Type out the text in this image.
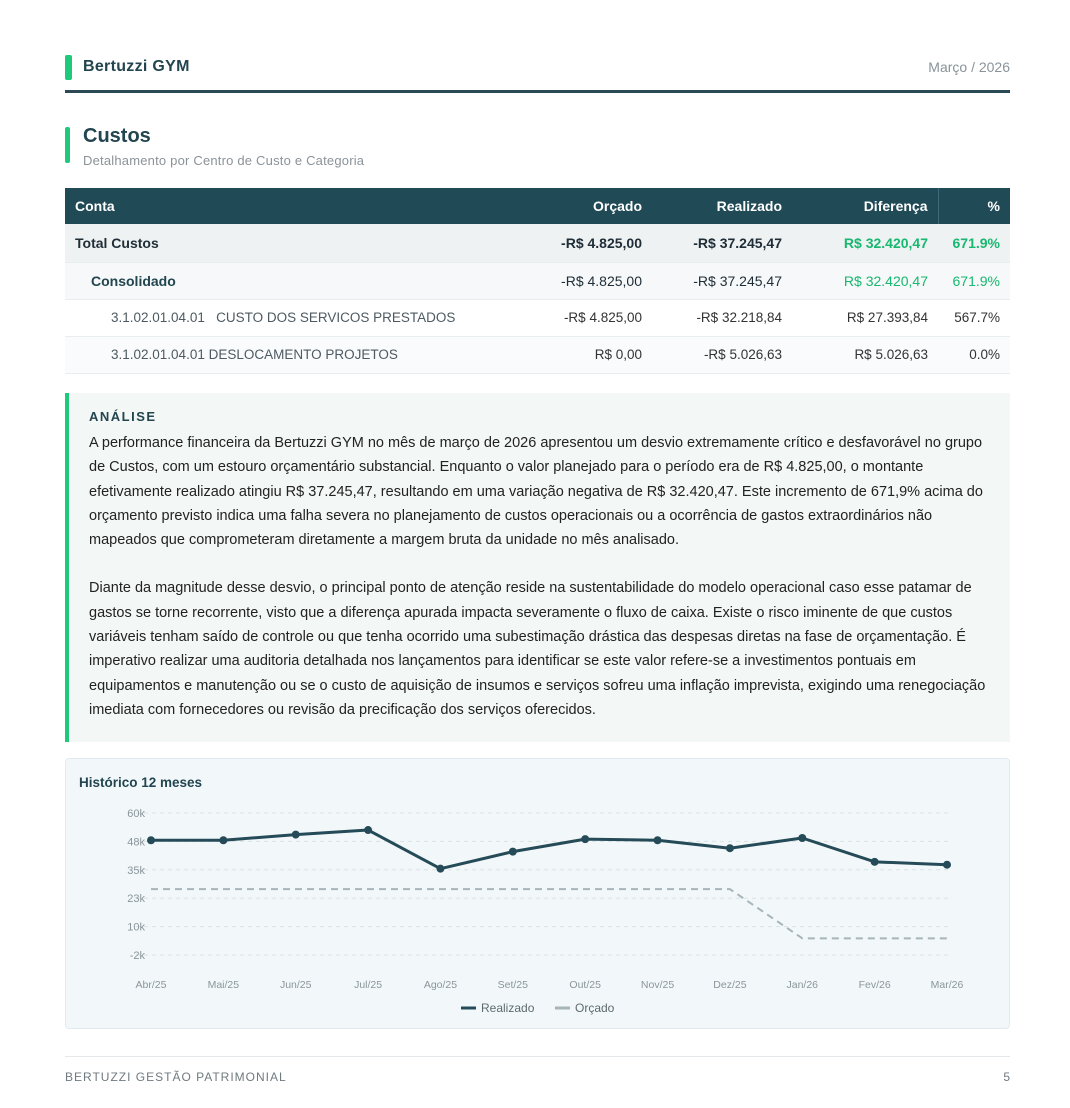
Bertuzzi GYM	Março / 2026
Custos
Detalhamento por Centro de Custo e Categoria
Conta	Orçado	Realizado	Diferença	%
Total Custos	-R$ 4.825,00	-R$ 37.245,47	R$ 32.420,47	671.9%
Consolidado	-R$ 4.825,00	-R$ 37.245,47	R$ 32.420,47	671.9%
3.1.02.01.04.01   CUSTO DOS SERVICOS PRESTADOS	-R$ 4.825,00	-R$ 32.218,84	R$ 27.393,84	567.7%
3.1.02.01.04.01 DESLOCAMENTO PROJETOS	R$ 0,00	-R$ 5.026,63	R$ 5.026,63	0.0%
ANÁLISE

A performance financeira da Bertuzzi GYM no mês de março de 2026 apresentou um desvio extremamente crítico e desfavorável no grupo de Custos, com um estouro orçamentário substancial. Enquanto o valor planejado para o período era de R$ 4.825,00, o montante efetivamente realizado atingiu R$ 37.245,47, resultando em uma variação negativa de R$ 32.420,47. Este incremento de 671,9% acima do orçamento previsto indica uma falha severa no planejamento de custos operacionais ou a ocorrência de gastos extraordinários não mapeados que comprometeram diretamente a margem bruta da unidade no mês analisado.

Diante da magnitude desse desvio, o principal ponto de atenção reside na sustentabilidade do modelo operacional caso esse patamar de gastos se torne recorrente, visto que a diferença apurada impacta severamente o fluxo de caixa. Existe o risco iminente de que custos variáveis tenham saído de controle ou que tenha ocorrido uma subestimação drástica das despesas diretas na fase de orçamentação. É imperativo realizar uma auditoria detalhada nos lançamentos para identificar se este valor refere-se a investimentos pontuais em equipamentos e manutenção ou se o custo de aquisição de insumos e serviços sofreu uma inflação imprevista, exigindo uma renegociação imediata com fornecedores ou revisão da precificação dos serviços oferecidos.

Histórico 12 meses
60k
48k
35k
23k
10k
-2k
Abr/25	Mai/25	Jun/25	Jul/25	Ago/25	Set/25	Out/25	Nov/25	Dez/25	Jan/26	Fev/26	Mar/26
Realizado	Orçado
BERTUZZI GESTÃO PATRIMONIAL	5
